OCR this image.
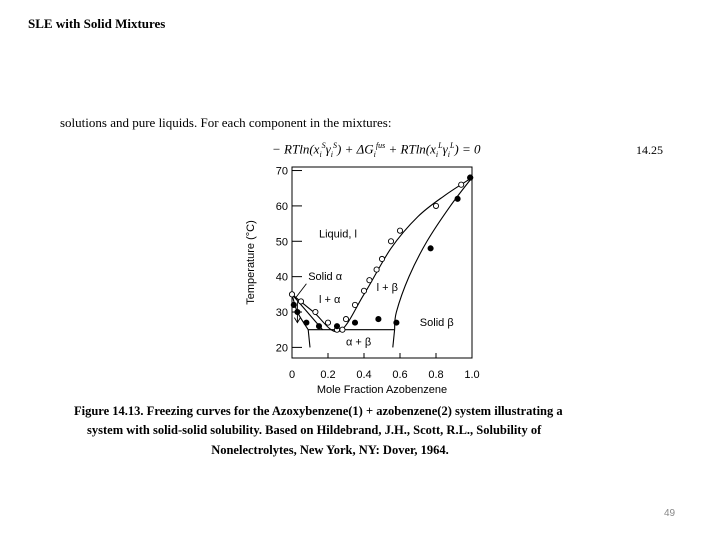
SLE with Solid Mixtures
solutions and pure liquids. For each component in the mixtures:
− $RTln(x_i^S\gamma_i^S) + \Delta G_i^{fus} + RTln(x_i^L\gamma_i^L) = 0$	14.25
20
30
40
50
60
70
0 0.2 0.4 0.6 0.8 1.0
Mole Fraction Azobenzene
Temperature (°C)	Liquid, l
Solid α
l + α
l + β
Solid β
α + β
Figure 14.13. Freezing curves for the Azoxybenzene(1) + azobenzene(2) system illustrating a
system with solid-solid solubility. Based on Hildebrand, J.H., Scott, R.L., Solubility of
Nonelectrolytes, New York, NY: Dover, 1964.
49
